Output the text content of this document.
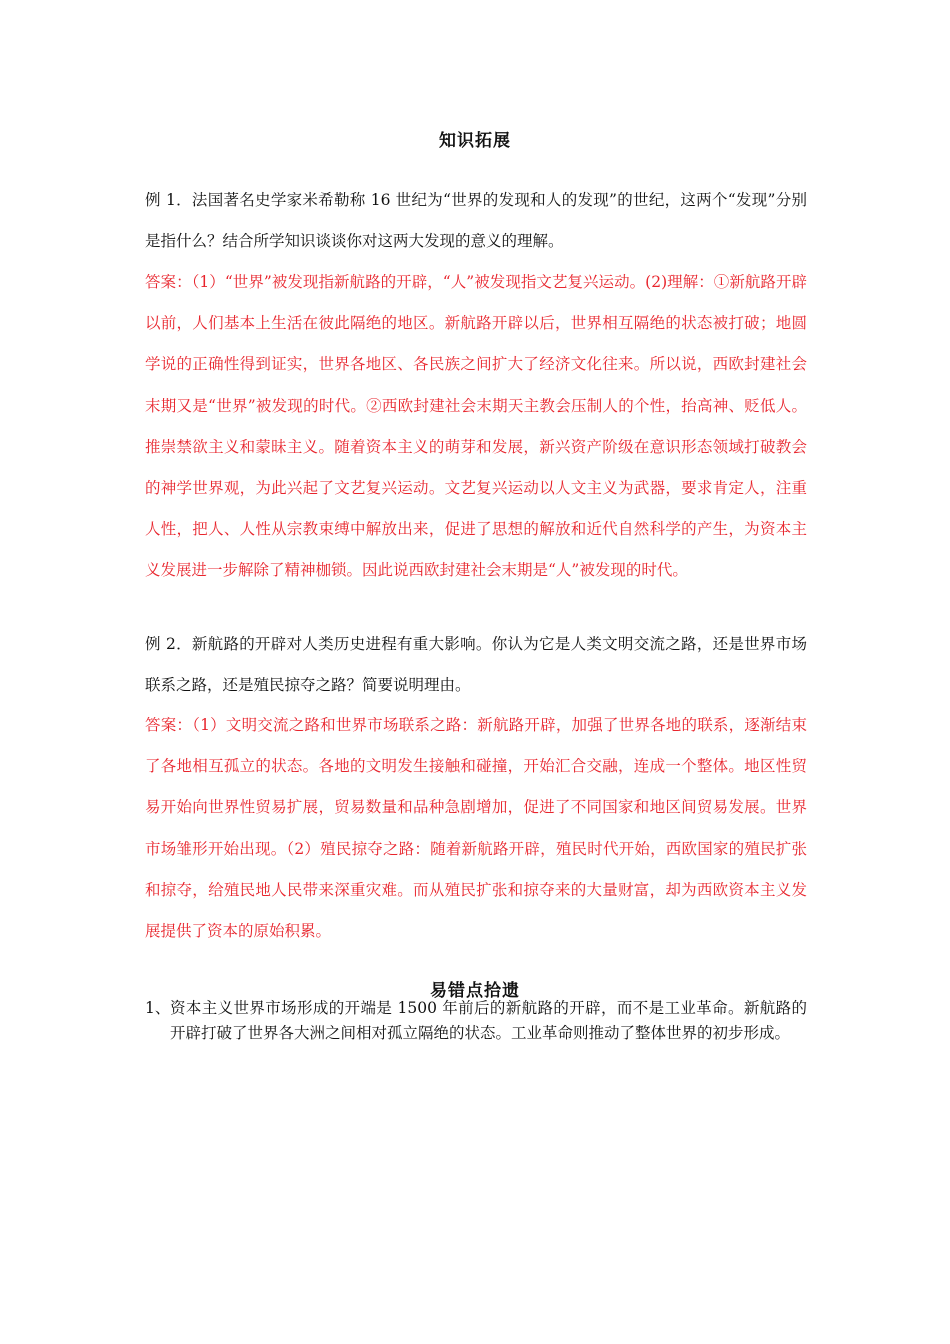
知识拓展
例 1．法国著名史学家米希勒称 16 世纪为“世界的发现和人的发现”的世纪，这两个“发现”分别是指什么？结合所学知识谈谈你对这两大发现的意义的理解。
答案：（1）“世界”被发现指新航路的开辟，“人”被发现指文艺复兴运动。(2)理解：①新航路开辟以前，人们基本上生活在彼此隔绝的地区。新航路开辟以后，世界相互隔绝的状态被打破；地圆学说的正确性得到证实，世界各地区、各民族之间扩大了经济文化往来。所以说，西欧封建社会末期又是“世界”被发现的时代。②西欧封建社会末期天主教会压制人的个性，抬高神、贬低人。推崇禁欲主义和蒙昧主义。随着资本主义的萌芽和发展，新兴资产阶级在意识形态领域打破教会的神学世界观，为此兴起了文艺复兴运动。文艺复兴运动以人文主义为武器，要求肯定人，注重人性，把人、人性从宗教束缚中解放出来，促进了思想的解放和近代自然科学的产生，为资本主义发展进一步解除了精神枷锁。因此说西欧封建社会末期是“人”被发现的时代。
例 2．新航路的开辟对人类历史进程有重大影响。你认为它是人类文明交流之路，还是世界市场联系之路，还是殖民掠夺之路？简要说明理由。
答案：（1）文明交流之路和世界市场联系之路：新航路开辟，加强了世界各地的联系，逐渐结束了各地相互孤立的状态。各地的文明发生接触和碰撞，开始汇合交融，连成一个整体。地区性贸易开始向世界性贸易扩展，贸易数量和品种急剧增加，促进了不同国家和地区间贸易发展。世界市场雏形开始出现。（2）殖民掠夺之路：随着新航路开辟，殖民时代开始，西欧国家的殖民扩张和掠夺，给殖民地人民带来深重灾难。而从殖民扩张和掠夺来的大量财富，却为西欧资本主义发展提供了资本的原始积累。
易错点拾遗
1、 资本主义世界市场形成的开端是 1500 年前后的新航路的开辟，而不是工业革命。新航路的开辟打破了世界各大洲之间相对孤立隔绝的状态。工业革命则推动了整体世界的初步形成。
